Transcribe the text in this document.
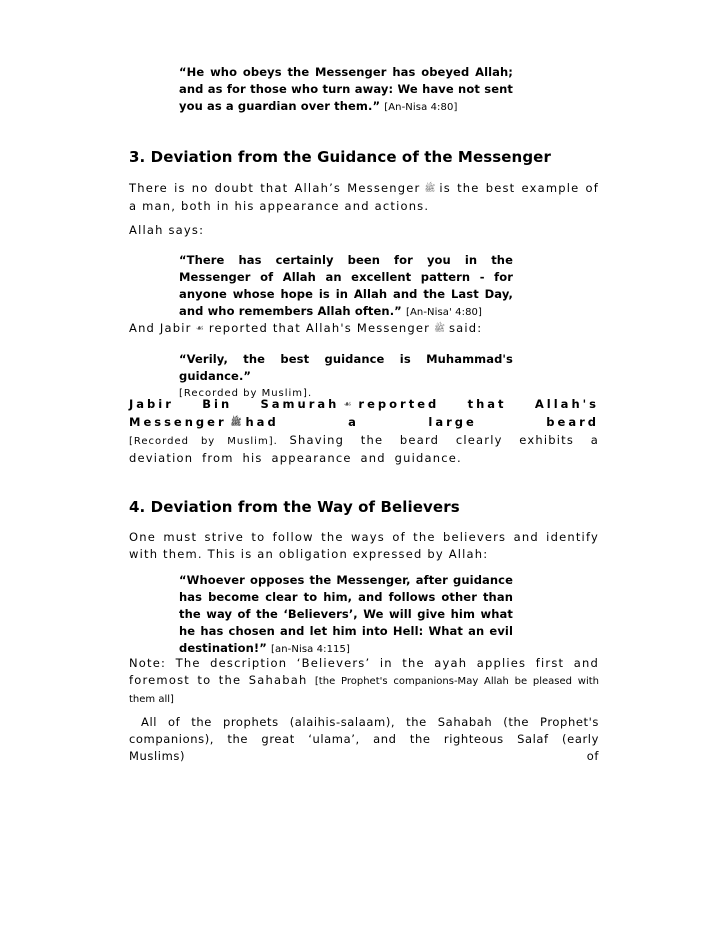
“He who obeys the Messenger has obeyed Allah; and as for those who turn away: We have not sent you as a guardian over them.” [An-Nisa 4:80]
3. Deviation from the Guidance of the Messenger
There is no doubt that Allah’s Messenger ﷺ is the best example of a man, both in his appearance and actions.
Allah says:
“There has certainly been for you in the Messenger of Allah an excellent pattern - for anyone whose hope is in Allah and the Last Day, and who remembers Allah often.” [An-Nisa' 4:80]
And Jabir ☙ reported that Allah's Messenger ﷺ said:
“Verily, the best guidance is Muhammad's guidance.”
[Recorded by Muslim].
Jabir Bin Samurah ☙ reported that Allah's Messenger ﷺ had a large beard
[Recorded by Muslim]. Shaving the beard clearly exhibits a deviation from his appearance and guidance.
4. Deviation from the Way of Believers
One must strive to follow the ways of the believers and identify with them. This is an obligation expressed by Allah:
“Whoever opposes the Messenger, after guidance has become clear to him, and follows other than the way of the ‘Believers’, We will give him what he has chosen and let him into Hell: What an evil destination!” [an-Nisa 4:115]
Note: The description ‘Believers’ in the ayah applies first and foremost to the Sahabah [the Prophet's companions-May Allah be pleased with them all]
All of the prophets (alaihis-salaam), the Sahabah (the Prophet's companions), the great ‘ulama’, and the righteous Salaf (early Muslims) of
